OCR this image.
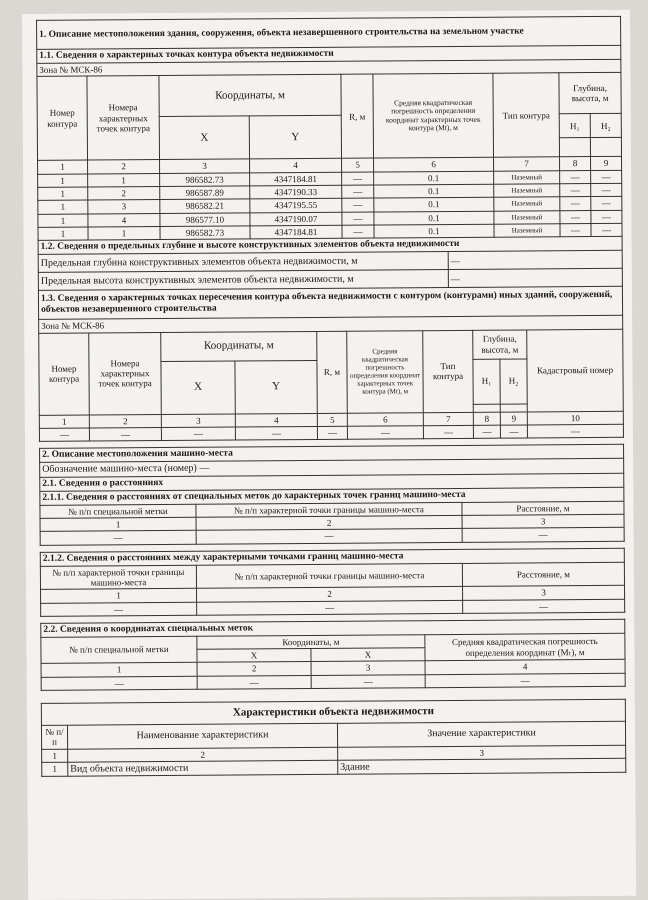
1. Описание местоположения здания, сооружения, объекта незавершенного строительства на земельном участке								
1.1. Сведения о характерных точках контура объекта недвижимости								
Зона № МСК-86								
Номер контура	Номера характерных точек контура	Координаты, м		R, м	Средняя квадратическая погрешность определения координат характерных точек контура (Mt), м	Тип контура	Глубина, высота, м	
		X	Y				H₁	H₂

1	2	3	4	5	6	7	8	9
1	1	986582.73	4347184.81	—	0.1	Наземный	—	—
1	2	986587.89	4347190.33	—	0.1	Наземный	—	—
1	3	986582.21	4347195.55	—	0.1	Наземный	—	—
1	4	986577.10	4347190.07	—	0.1	Наземный	—	—
1	1	986582.73	4347184.81	—	0.1	Наземный	—	—
1.2. Сведения о предельных глубине и высоте конструктивных элементов объекта недвижимости	
Предельная глубина конструктивных элементов объекта недвижимости, м	—
Предельная высота конструктивных элементов объекта недвижимости, м	—
1.3. Сведения о характерных точках пересечения контура объекта недвижимости с контуром (контурами) иных зданий, сооружений, объектов незавершенного строительства									
Зона № МСК-86									
Номер контура	Номера характерных точек контура	Координаты, м		R, м	Средняя квадратическая погрешность определения координат характерных точек контура (Mt), м	Тип контура	Глубина, высота, м		Кадастровый номер
		X	Y				H₁	H₂	

1	2	3	4	5	6	7	8	9	10
—	—	—	—	—	—	—	—	—	—
2. Описание местоположения машино-места		
Обозначение машино-места (номер) —		
2.1. Сведения о расстояниях		
2.1.1. Сведения о расстояниях от специальных меток до характерных точек границ машино-места		
№ п/п специальной метки	№ п/п характерной точки границы машино-места	Расстояние, м
1	2	3
—	—	—
2.1.2. Сведения о расстояниях между характерными точками границ машино-места		
№ п/п характерной точки границы машино-места	№ п/п характерной точки границы машино-места	Расстояние, м
1	2	3
—	—	—
2.2. Сведения о координатах специальных меток			
№ п/п специальной метки	Координаты, м		Средняя квадратическая погрешность определения координат (Mₜ), м
	X	X	
1	2	3	4
—	—	—	—
Характеристики объекта недвижимости		
№ п/п	Наименование характеристики	Значение характеристики
1	2	3
1	Вид объекта недвижимости	Здание
